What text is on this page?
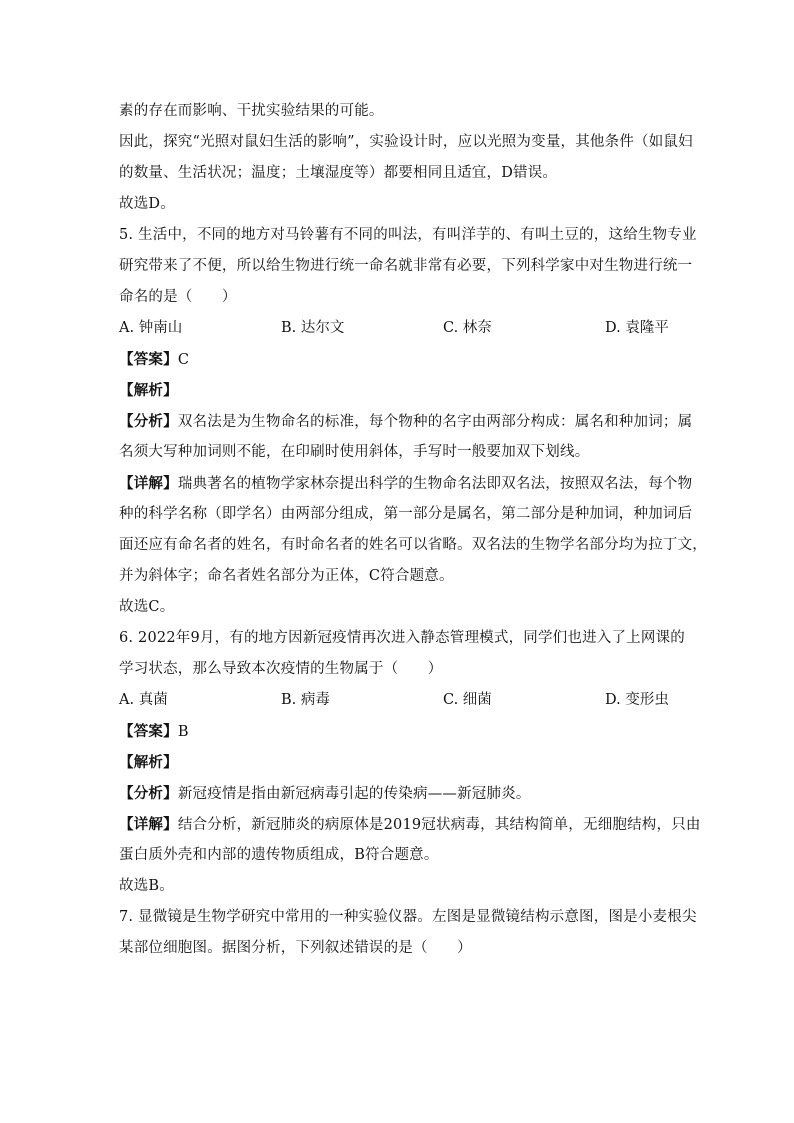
素的存在而影响、干扰实验结果的可能。
因此，探究“光照对鼠妇生活的影响”，实验设计时，应以光照为变量，其他条件（如鼠妇
的数量、生活状况；温度；土壤湿度等）都要相同且适宜，D错误。
故选D。
5. 生活中，不同的地方对马铃薯有不同的叫法，有叫洋芋的、有叫土豆的，这给生物专业
研究带来了不便，所以给生物进行统一命名就非常有必要，下列科学家中对生物进行统一
命名的是（　　）
A. 钟南山	B. 达尔文	C. 林奈	D. 袁隆平
【答案】C
【解析】
【分析】双名法是为生物命名的标准，每个物种的名字由两部分构成：属名和种加词；属
名须大写种加词则不能，在印刷时使用斜体，手写时一般要加双下划线。
【详解】瑞典著名的植物学家林奈提出科学的生物命名法即双名法，按照双名法，每个物
种的科学名称（即学名）由两部分组成，第一部分是属名，第二部分是种加词，种加词后
面还应有命名者的姓名，有时命名者的姓名可以省略。双名法的生物学名部分均为拉丁文，
并为斜体字；命名者姓名部分为正体，C符合题意。
故选C。
6. 2022年9月，有的地方因新冠疫情再次进入静态管理模式，同学们也进入了上网课的
学习状态，那么导致本次疫情的生物属于（　　）
A. 真菌	B. 病毒	C. 细菌	D. 变形虫
【答案】B
【解析】
【分析】新冠疫情是指由新冠病毒引起的传染病——新冠肺炎。
【详解】结合分析，新冠肺炎的病原体是2019冠状病毒，其结构简单，无细胞结构，只由
蛋白质外壳和内部的遗传物质组成，B符合题意。
故选B。
7. 显微镜是生物学研究中常用的一种实验仪器。左图是显微镜结构示意图，图是小麦根尖
某部位细胞图。据图分析，下列叙述错误的是（　　）
